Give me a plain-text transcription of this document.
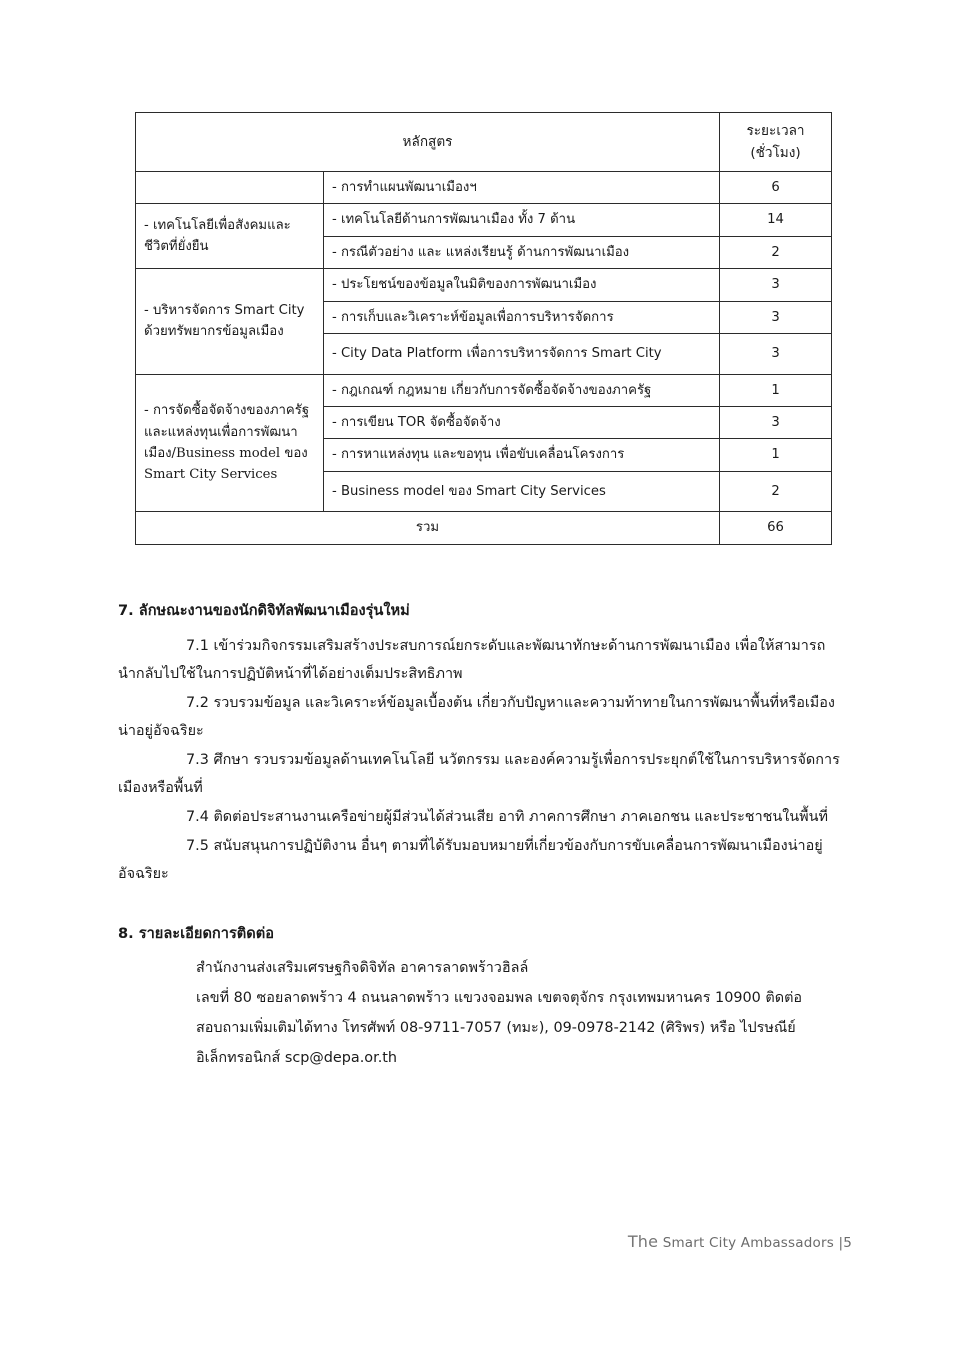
หลักสูตร		ระยะเวลา (ชั่วโมง)
	- การทำแผนพัฒนาเมืองฯ	6
- เทคโนโลยีเพื่อสังคมและชีวิตที่ยั่งยืน	- เทคโนโลยีด้านการพัฒนาเมือง ทั้ง 7 ด้าน	14
	- กรณีตัวอย่าง และ แหล่งเรียนรู้ ด้านการพัฒนาเมือง	2
- บริหารจัดการ Smart City ด้วยทรัพยากรข้อมูลเมือง	- ประโยชน์ของข้อมูลในมิติของการพัฒนาเมือง	3
	- การเก็บและวิเคราะห์ข้อมูลเพื่อการบริหารจัดการ	3
	- City Data Platform เพื่อการบริหารจัดการ Smart City	3
- การจัดซื้อจัดจ้างของภาครัฐและแหล่งทุนเพื่อการพัฒนาเมือง/Business model ของ Smart City Services	- กฎเกณฑ์ กฎหมาย เกี่ยวกับการจัดซื้อจัดจ้างของภาครัฐ	1
	- การเขียน TOR จัดซื้อจัดจ้าง	3
	- การหาแหล่งทุน และขอทุน เพื่อขับเคลื่อนโครงการ	1
	- Business model ของ Smart City Services	2
รวม		66
7. ลักษณะงานของนักดิจิทัลพัฒนาเมืองรุ่นใหม่

7.1 เข้าร่วมกิจกรรมเสริมสร้างประสบการณ์ยกระดับและพัฒนาทักษะด้านการพัฒนาเมือง เพื่อให้สามารถนำกลับไปใช้ในการปฏิบัติหน้าที่ได้อย่างเต็มประสิทธิภาพ

7.2 รวบรวมข้อมูล และวิเคราะห์ข้อมูลเบื้องต้น เกี่ยวกับปัญหาและความท้าทายในการพัฒนาพื้นที่หรือเมืองน่าอยู่อัจฉริยะ

7.3 ศึกษา รวบรวมข้อมูลด้านเทคโนโลยี นวัตกรรม และองค์ความรู้เพื่อการประยุกต์ใช้ในการบริหารจัดการเมืองหรือพื้นที่

7.4 ติดต่อประสานงานเครือข่ายผู้มีส่วนได้ส่วนเสีย อาทิ ภาคการศึกษา ภาคเอกชน และประชาชนในพื้นที่

7.5 สนับสนุนการปฏิบัติงาน อื่นๆ ตามที่ได้รับมอบหมายที่เกี่ยวข้องกับการขับเคลื่อนการพัฒนาเมืองน่าอยู่อัจฉริยะ

8. รายละเอียดการติดต่อ

สำนักงานส่งเสริมเศรษฐกิจดิจิทัล อาคารลาดพร้าวฮิลล์

เลขที่ 80 ซอยลาดพร้าว 4 ถนนลาดพร้าว แขวงจอมพล เขตจตุจักร กรุงเทพมหานคร 10900 ติดต่อ

สอบถามเพิ่มเติมได้ทาง โทรศัพท์ 08-9711-7057 (ทมะ), 09-0978-2142 (ศิริพร) หรือ ไปรษณีย์

อิเล็กทรอนิกส์ scp@depa.or.th

The Smart City Ambassadors |5
